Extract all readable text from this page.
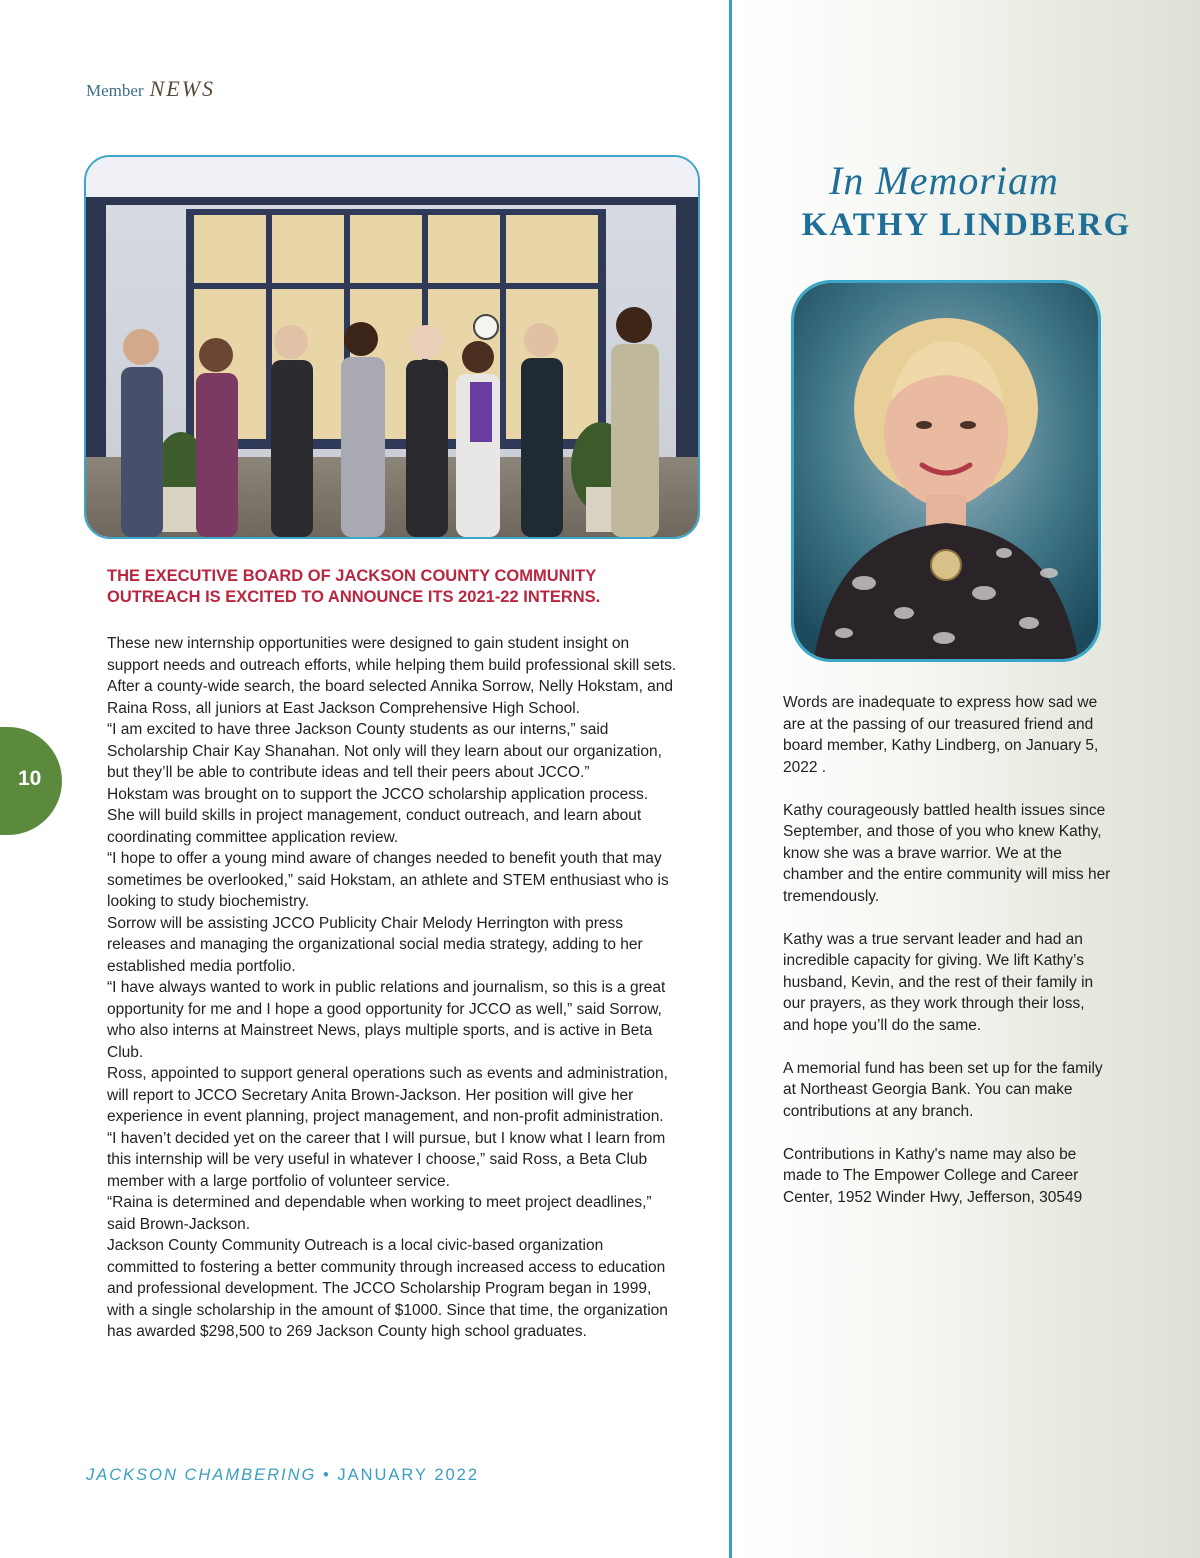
Member NEWS
10
THE EXECUTIVE BOARD OF JACKSON COUNTY COMMUNITY OUTREACH IS EXCITED TO ANNOUNCE ITS 2021-22 INTERNS.

These new internship opportunities were designed to gain student insight on support needs and outreach efforts, while helping them build professional skill sets. After a county-wide search, the board selected Annika Sorrow, Nelly Hokstam, and Raina Ross, all juniors at East Jackson Comprehensive High School.

“I am excited to have three Jackson County students as our interns,” said Scholarship Chair Kay Shanahan. Not only will they learn about our organization, but they’ll be able to contribute ideas and tell their peers about JCCO.”

Hokstam was brought on to support the JCCO scholarship application process. She will build skills in project management, conduct outreach, and learn about coordinating committee application review.

“I hope to offer a young mind aware of changes needed to benefit youth that may sometimes be overlooked,” said Hokstam, an athlete and STEM enthusiast who is looking to study biochemistry.

Sorrow will be assisting JCCO Publicity Chair Melody Herrington with press releases and managing the organizational social media strategy, adding to her established media portfolio.

“I have always wanted to work in public relations and journalism, so this is a great opportunity for me and I hope a good opportunity for JCCO as well,” said Sorrow, who also interns at Mainstreet News, plays multiple sports, and is active in Beta Club.

Ross, appointed to support general operations such as events and administration, will report to JCCO Secretary Anita Brown-Jackson. Her position will give her experience in event planning, project management, and non-profit administration.

“I haven’t decided yet on the career that I will pursue, but I know what I learn from this internship will be very useful in whatever I choose,” said Ross, a Beta Club member with a large portfolio of volunteer service.

“Raina is determined and dependable when working to meet project deadlines,” said Brown-Jackson.

Jackson County Community Outreach is a local civic-based organization committed to fostering a better community through increased access to education and professional development. The JCCO Scholarship Program began in 1999, with a single scholarship in the amount of $1000. Since that time, the organization has awarded $298,500 to 269 Jackson County high school graduates.

JACKSON CHAMBERING • JANUARY 2022
In Memoriam
KATHY LINDBERG

Words are inadequate to express how sad we are at the passing of our treasured friend and board member, Kathy Lindberg, on January 5, 2022 .

Kathy courageously battled health issues since September, and those of you who knew Kathy, know she was a brave warrior. We at the chamber and the entire community will miss her tremendously.

Kathy was a true servant leader and had an incredible capacity for giving. We lift Kathy’s husband, Kevin, and the rest of their family in our prayers, as they work through their loss, and hope you’ll do the same.

A memorial fund has been set up for the family at Northeast Georgia Bank. You can make contributions at any branch.

Contributions in Kathy's name may also be made to The Empower College and Career Center, 1952 Winder Hwy, Jefferson, 30549
